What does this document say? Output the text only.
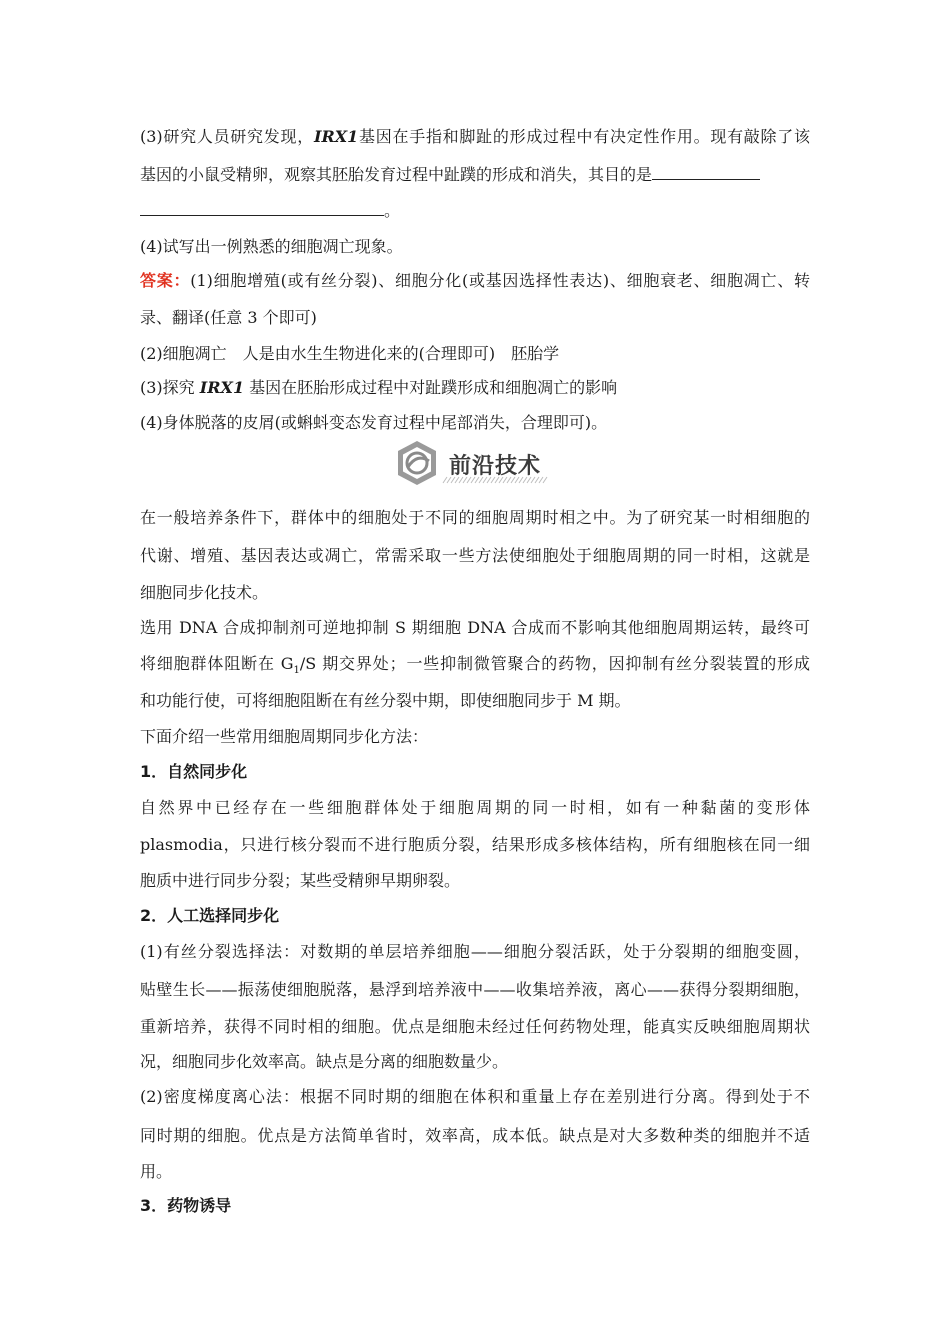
(3)研究人员研究发现，IRX1基因在手指和脚趾的形成过程中有决定性作用。现有敲除了该
基因的小鼠受精卵，观察其胚胎发育过程中趾蹼的形成和消失，其目的是
。
(4)试写出一例熟悉的细胞凋亡现象。
答案：(1)细胞增殖(或有丝分裂)、细胞分化(或基因选择性表达)、细胞衰老、细胞凋亡、转
录、翻译(任意 3 个即可)
(2)细胞凋亡　人是由水生生物进化来的(合理即可)　胚胎学
(3)探究 IRX1 基因在胚胎形成过程中对趾蹼形成和细胞凋亡的影响
(4)身体脱落的皮屑(或蝌蚪变态发育过程中尾部消失，合理即可)。
前沿技术
在一般培养条件下，群体中的细胞处于不同的细胞周期时相之中。为了研究某一时相细胞的
代谢、增殖、基因表达或凋亡，常需采取一些方法使细胞处于细胞周期的同一时相，这就是
细胞同步化技术。
选用 DNA 合成抑制剂可逆地抑制 S 期细胞 DNA 合成而不影响其他细胞周期运转，最终可
将细胞群体阻断在 $G_1/S$ 期交界处；一些抑制微管聚合的药物，因抑制有丝分裂装置的形成
和功能行使，可将细胞阻断在有丝分裂中期，即使细胞同步于 M 期。
下面介绍一些常用细胞周期同步化方法：
1．自然同步化
自然界中已经存在一些细胞群体处于细胞周期的同一时相，如有一种黏菌的变形体
plasmodia，只进行核分裂而不进行胞质分裂，结果形成多核体结构，所有细胞核在同一细
胞质中进行同步分裂；某些受精卵早期卵裂。
2．人工选择同步化
(1)有丝分裂选择法：对数期的单层培养细胞——细胞分裂活跃，处于分裂期的细胞变圆，
贴壁生长——振荡使细胞脱落，悬浮到培养液中——收集培养液，离心——获得分裂期细胞，
重新培养，获得不同时相的细胞。优点是细胞未经过任何药物处理，能真实反映细胞周期状
况，细胞同步化效率高。缺点是分离的细胞数量少。
(2)密度梯度离心法：根据不同时期的细胞在体积和重量上存在差别进行分离。得到处于不
同时期的细胞。优点是方法简单省时，效率高，成本低。缺点是对大多数种类的细胞并不适
用。
3．药物诱导
